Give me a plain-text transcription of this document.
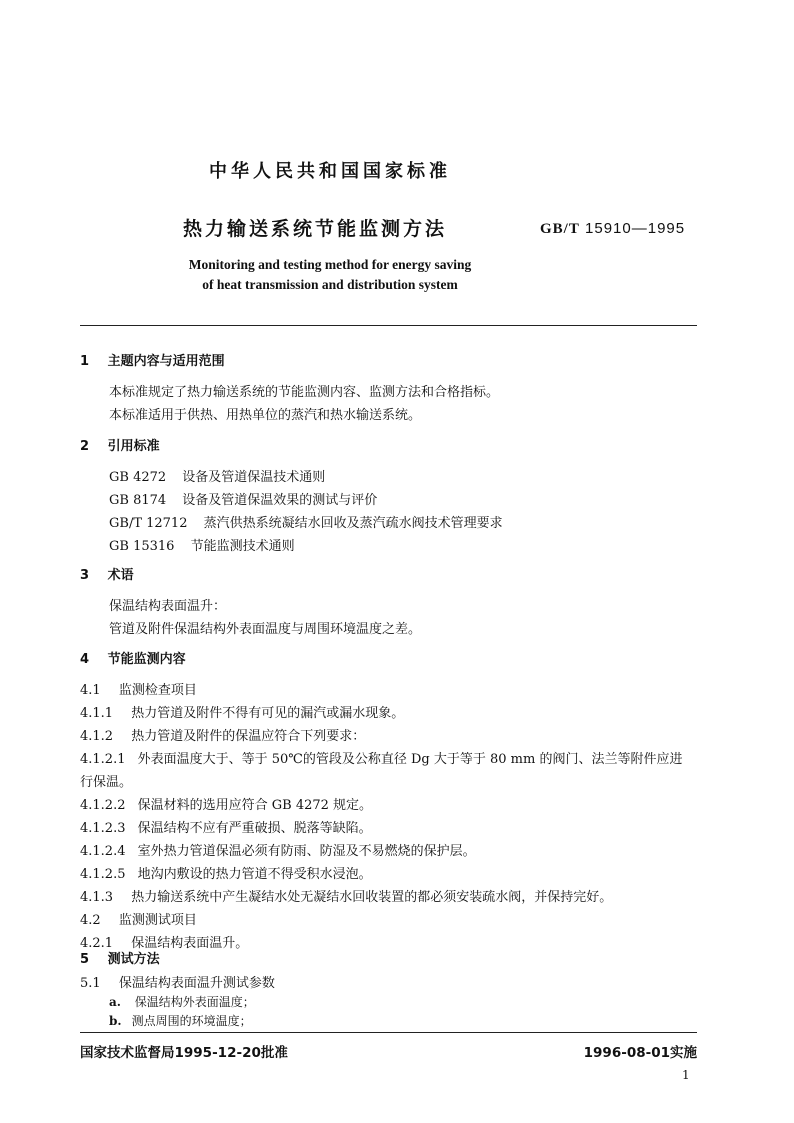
中华人民共和国国家标准
热力输送系统节能监测方法	GB/T 15910—1995
Monitoring and testing method for energy saving
of heat transmission and distribution system
1 主题内容与适用范围
本标准规定了热力输送系统的节能监测内容、监测方法和合格指标。
本标准适用于供热、用热单位的蒸汽和热水输送系统。
2 引用标准
GB 4272 设备及管道保温技术通则
GB 8174 设备及管道保温效果的测试与评价
GB/T 12712 蒸汽供热系统凝结水回收及蒸汽疏水阀技术管理要求
GB 15316 节能监测技术通则
3 术语
保温结构表面温升：
管道及附件保温结构外表面温度与周围环境温度之差。
4 节能监测内容
4.1 监测检查项目
4.1.1 热力管道及附件不得有可见的漏汽或漏水现象。
4.1.2 热力管道及附件的保温应符合下列要求：
4.1.2.1 外表面温度大于、等于 50℃的管段及公称直径 Dg 大于等于 80 mm 的阀门、法兰等附件应进
行保温。
4.1.2.2 保温材料的选用应符合 GB 4272 规定。
4.1.2.3 保温结构不应有严重破损、脱落等缺陷。
4.1.2.4 室外热力管道保温必须有防雨、防湿及不易燃烧的保护层。
4.1.2.5 地沟内敷设的热力管道不得受积水浸泡。
4.1.3 热力输送系统中产生凝结水处无凝结水回收装置的都必须安装疏水阀，并保持完好。
4.2 监测测试项目
4.2.1 保温结构表面温升。
5 测试方法
5.1 保温结构表面温升测试参数
a. 保温结构外表面温度；
国家技术监督局1995-12-20批准	1996-08-01实施
1
b. 测点周围的环境温度；
